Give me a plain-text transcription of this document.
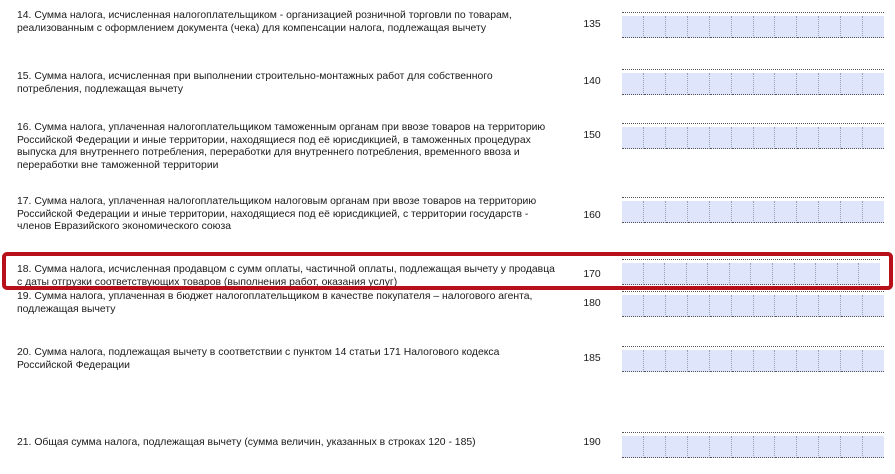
14. Сумма налога, исчисленная налогоплательщиком - организацией розничной торговли по товарам, реализованным с оформлением документа (чека) для компенсации налога, подлежащая вычету	135
15. Сумма налога, исчисленная при выполнении строительно-монтажных работ для собственного потребления, подлежащая вычету
140
16. Сумма налога, уплаченная налогоплательщиком таможенным органам при ввозе товаров на территорию Российской Федерации и иные территории, находящиеся под её юрисдикцией, в таможенных процедурах выпуска для внутреннего потребления, переработки для внутреннего потребления, временного ввоза и переработки вне таможенной территории
150
17. Сумма налога, уплаченная налогоплательщиком налоговым органам при ввозе товаров на территорию Российской Федерации и иные территории, находящиеся под её юрисдикцией, с территории государств - членов Евразийского экономического союза
160
18. Сумма налога, исчисленная продавцом с сумм оплаты, частичной оплаты, подлежащая вычету у продавца с даты отгрузки соответствующих товаров (выполнения работ, оказания услуг)
170
19. Сумма налога, уплаченная в бюджет налогоплательщиком в качестве покупателя – налогового агента, подлежащая вычету
180
20. Сумма налога, подлежащая вычету в соответствии с пунктом 14 статьи 171 Налогового кодекса Российской Федерации
185
21. Общая сумма налога, подлежащая вычету (сумма величин, указанных в строках 120 - 185)	190
